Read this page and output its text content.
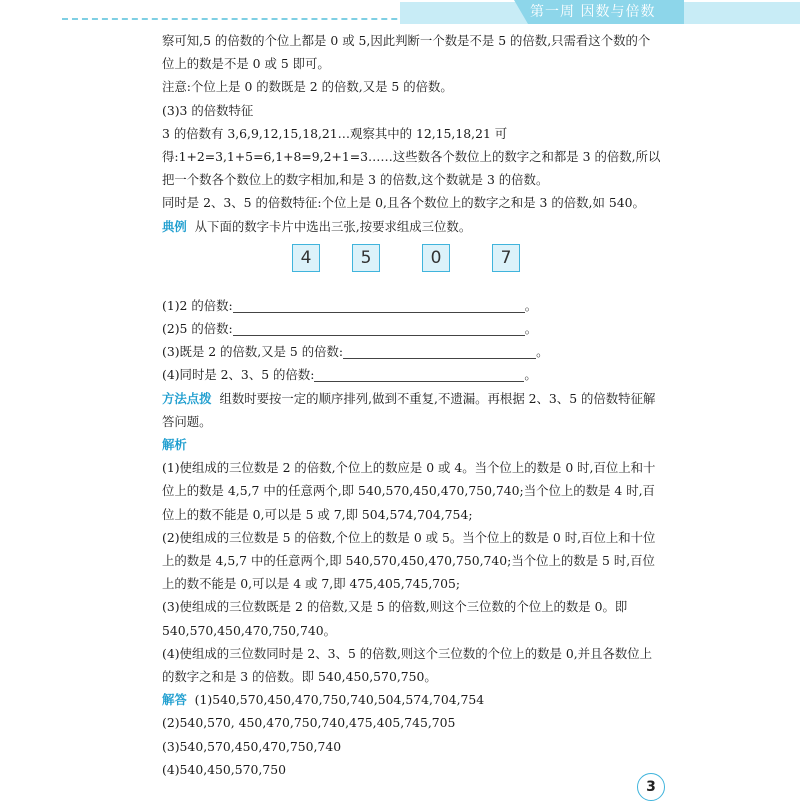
第一周 因数与倍数

察可知,5 的倍数的个位上都是 0 或 5,因此判断一个数是不是 5 的倍数,只需看这个数的个位上的数是不是 0 或 5 即可。

注意:个位上是 0 的数既是 2 的倍数,又是 5 的倍数。

(3)3 的倍数特征

3 的倍数有 3,6,9,12,15,18,21…观察其中的 12,15,18,21 可得:1+2=3,1+5=6,1+8=9,2+1=3……这些数各个数位上的数字之和都是 3 的倍数,所以把一个数各个数位上的数字相加,和是 3 的倍数,这个数就是 3 的倍数。

同时是 2、3、5 的倍数特征:个位上是 0,且各个数位上的数字之和是 3 的倍数,如 540。

典例 从下面的数字卡片中选出三张,按要求组成三位数。

4	5	0	7

(1)2 的倍数:	。

(2)5 的倍数:	。

(3)既是 2 的倍数,又是 5 的倍数:	。

(4)同时是 2、3、5 的倍数:	。

方法点拨 组数时要按一定的顺序排列,做到不重复,不遗漏。再根据 2、3、5 的倍数特征解答问题。

解析

(1)使组成的三位数是 2 的倍数,个位上的数应是 0 或 4。当个位上的数是 0 时,百位上和十位上的数是 4,5,7 中的任意两个,即 540,570,450,470,750,740;当个位上的数是 4 时,百位上的数不能是 0,可以是 5 或 7,即 504,574,704,754;

(2)使组成的三位数是 5 的倍数,个位上的数是 0 或 5。当个位上的数是 0 时,百位上和十位上的数是 4,5,7 中的任意两个,即 540,570,450,470,750,740;当个位上的数是 5 时,百位上的数不能是 0,可以是 4 或 7,即 475,405,745,705;

(3)使组成的三位数既是 2 的倍数,又是 5 的倍数,则这个三位数的个位上的数是 0。即 540,570,450,470,750,740。

(4)使组成的三位数同时是 2、3、5 的倍数,则这个三位数的个位上的数是 0,并且各数位上的数字之和是 3 的倍数。即 540,450,570,750。

解答 (1)540,570,450,470,750,740,504,574,704,754

(2)540,570, 450,470,750,740,475,405,745,705

(3)540,570,450,470,750,740

(4)540,450,570,750

3
